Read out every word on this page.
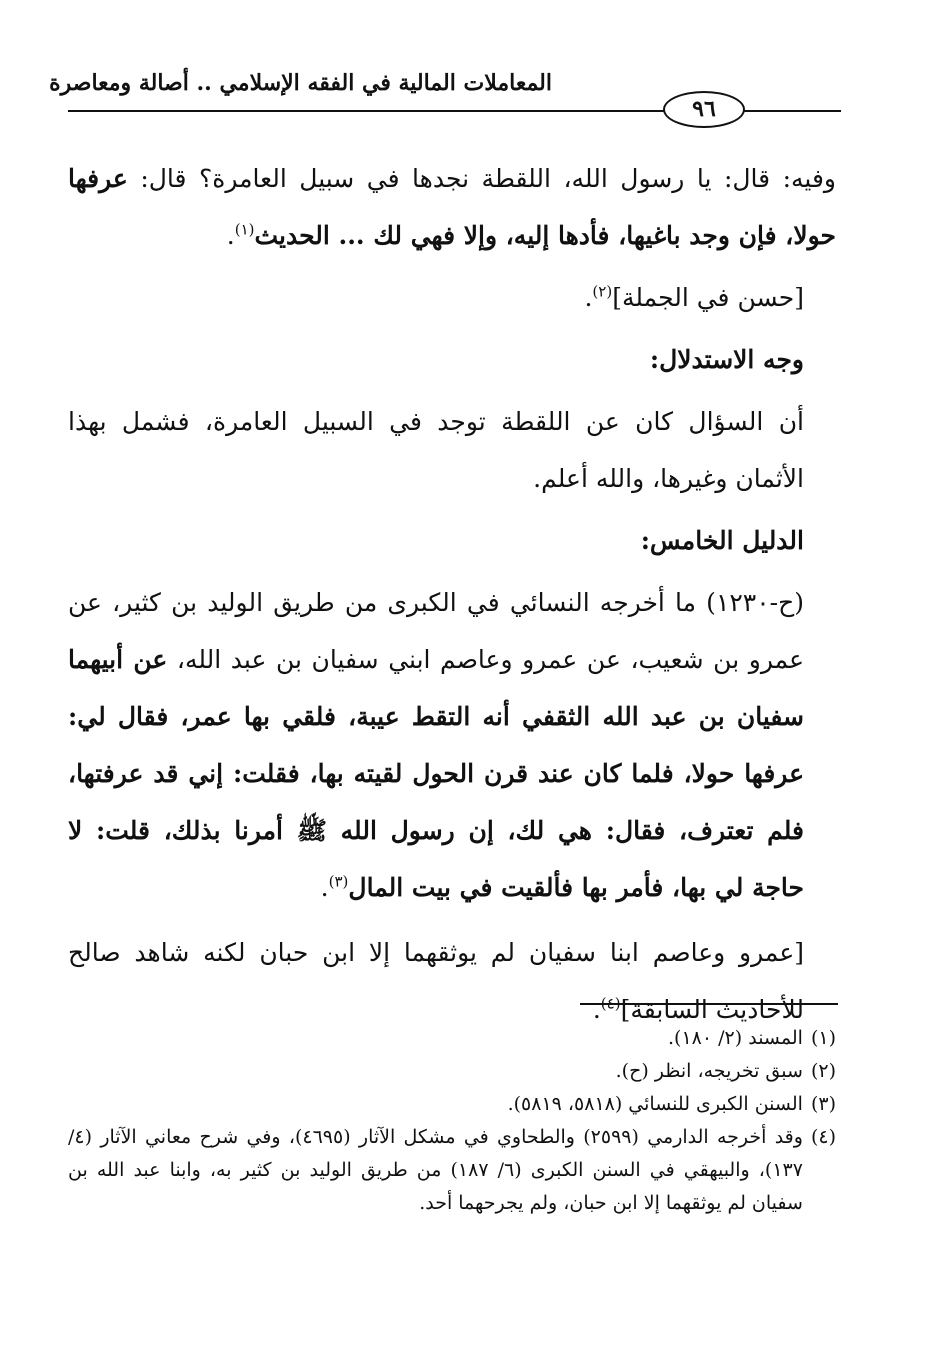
المعاملات المالية في الفقه الإسلامي .. أصالة ومعاصرة
٩٦

وفيه: قال: يا رسول الله، اللقطة نجدها في سبيل العامرة؟ قال: عرفها حولا، فإن وجد باغيها، فأدها إليه، وإلا فهي لك ... الحديث$^{(١)}$.

[حسن في الجملة]$^{(٢)}$.

وجه الاستدلال:

أن السؤال كان عن اللقطة توجد في السبيل العامرة، فشمل بهذا الأثمان وغيرها، والله أعلم.

الدليل الخامس:

(ح-١٢٣٠) ما أخرجه النسائي في الكبرى من طريق الوليد بن كثير، عن عمرو بن شعيب، عن عمرو وعاصم ابني سفيان بن عبد الله، عن أبيهما سفيان بن عبد الله الثقفي أنه التقط عيبة، فلقي بها عمر، فقال لي: عرفها حولا، فلما كان عند قرن الحول لقيته بها، فقلت: إني قد عرفتها، فلم تعترف، فقال: هي لك، إن رسول الله ﷺ أمرنا بذلك، قلت: لا حاجة لي بها، فأمر بها فألقيت في بيت المال$^{(٣)}$.

[عمرو وعاصم ابنا سفيان لم يوثقهما إلا ابن حبان لكنه شاهد صالح للأحاديث السابقة]$^{(٤)}$.

(١)
المسند (٢/ ١٨٠).
(٢)
سبق تخريجه، انظر (ح).
(٣)
السنن الكبرى للنسائي (٥٨١٨، ٥٨١٩).
(٤)
وقد أخرجه الدارمي (٢٥٩٩) والطحاوي في مشكل الآثار (٤٦٩٥)، وفي شرح معاني الآثار (٤/ ١٣٧)، والبيهقي في السنن الكبرى (٦/ ١٨٧) من طريق الوليد بن كثير به، وابنا عبد الله بن سفيان لم يوثقهما إلا ابن حبان، ولم يجرحهما أحد.
